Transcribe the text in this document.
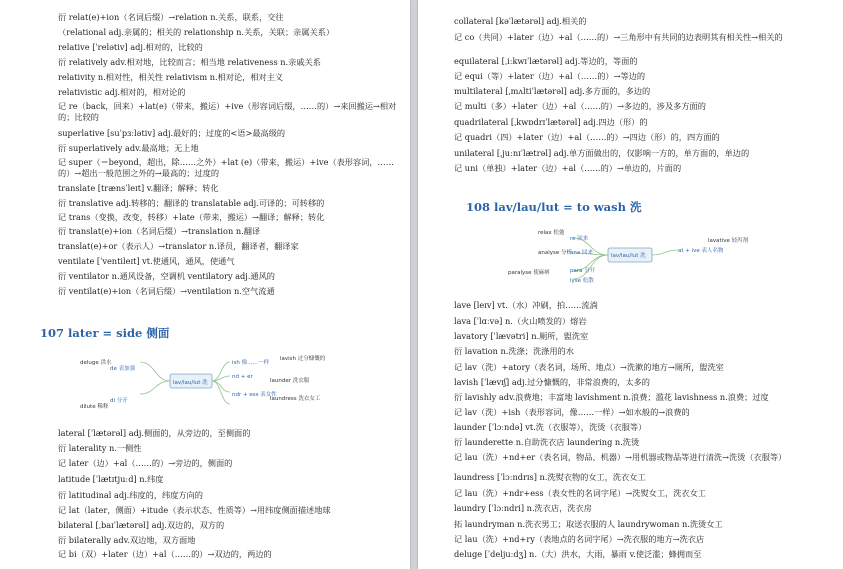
衍 relat(e)+ion（名词后缀）→relation n.关系，联系，交往
（relational adj.亲属的；相关的 relationship n.关系，关联；亲属关系）
relative [ˈrelətiv] adj.相对的，比较的
衍 relatively adv.相对地，比较而言；相当地 relativeness n.亲戚关系
relativity n.相对性，相关性 relativism n.相对论，相对主义
relativistic adj.相对的，相对论的
记 re（back，回来）+lat(e)（带来，搬运）+ive（形容词后缀，……的）→来回搬运→相对的；比较的
superlative [suˈpɜːlətiv] adj.最好的；过度的<语>最高级的
衍 superlatively adv.最高地；无上地
记 super（＝beyond，超出，除……之外）+lat (e)（带来，搬运）+ive（表形容词，……的）→超出一般范围之外的→最高的；过度的
translate [trænsˈleɪt] v.翻译；解释；转化
衍 translative adj.转移的；翻译的 translatable adj.可译的；可转移的
记 trans（变换，改变，转移）+late（带来，搬运）→翻译；解释；转化
衍 translat(e)+ion（名词后缀）→translation n.翻译
translat(e)+or（表示人）→translator n.译员，翻译者，翻译家
ventilate [ˈventileɪt] vt.使通风，通风，使通气
衍 ventilator n.通风设备，空调机 ventilatory adj.通风的
衍 ventilat(e)+ion（名词后缀）→ventilation n.空气流通
107 later = side 侧面
lav/lau/lut 洗
deluge 洪水
de 表加强
dilute 稀释
di 分开
ish 像……一样
lavish 过分慷慨的
nd + er
launder 洗衣服
ndr + ess 表女性
laundress 洗衣女工
lateral [ˈlætərəl] adj.侧面的，从旁边的，至侧面的
衍 laterality n.一侧性
记 later（边）+al（……的）→旁边的，侧面的
latitude [ˈlætɪtjuːd] n.纬度
衍 latitudinal adj.纬度的，纬度方向的
记 lat（later，侧面）+itude（表示状态、性质等）→用纬度侧面描述地球
bilateral [ˌbaɪˈlætərəl] adj.双边的，双方的
衍 bilaterally adv.双边地，双方面地
记 bi（双）+later（边）+al（……的）→双边的，两边的
collateral [kəˈlætərəl] adj.相关的
记 co（共同）+later（边）+al（……的）→三角形中有共同的边表明其有相关性→相关的
equilateral [ˌiːkwɪˈlætərəl] adj.等边的，等面的
记 equi（等）+later（边）+al（……的）→等边的
multilateral [ˌmʌltiˈlætərəl] adj.多方面的，多边的
记 multi（多）+later（边）+al（……的）→多边的，涉及多方面的
quadrilateral [ˌkwɒdrɪˈlætərəl] adj.四边（形）的
记 quadri（四）+later（边）+al（……的）→四边（形）的，四方面的
unilateral [ˌjuːnɪˈlætrəl] adj.单方面做出的，仅影响一方的，单方面的，单边的
记 uni（单独）+later（边）+al（……的）→单边的，片面的
108 lav/lau/lut = to wash 洗
lav/lau/lut 洗
relax 松弛
re 回来
analyse 分析
ana 回来
paralyse 使麻痹	para 分开
lyse 松散
lavative 轻泻剂
at + ive 表人名物
lave [leɪv] vt.（水）冲刷，拍……流淌
lava [ˈlɑːvə] n.（火山喷发的）熔岩
lavatory [ˈlævətri] n.厕所，盥洗室
衍 lavation n.洗涤；洗涤用的水
记 lav（洗）+atory（表名词，场所、地点）→洗漱的地方→厕所，盥洗室
lavish [ˈlævɪʃ] adj.过分慷慨的，非常浪费的，太多的
衍 lavishly adv.浪费地；丰富地 lavishment n.浪费；滥花 lavishness n.浪费；过度
记 lav（洗）+ish（表形容词，像……一样）→如水般的→浪费的
launder [ˈlɔːndə] vt.洗（衣服等），洗烫（衣服等）
衍 launderette n.自助洗衣店 laundering n.洗烫
记 lau（洗）+nd+er（表名词，物品、机器）→用机器或物品等进行清洗→洗烫（衣服等）
laundress [ˈlɔːndrɪs] n.洗熨衣物的女工，洗衣女工
记 lau（洗）+ndr+ess（表女性的名词字尾）→洗熨女工，洗衣女工
laundry [ˈlɔːndri] n.洗衣店，洗衣房
拓 laundryman n.洗衣男工；取送衣服的人 laundrywoman n.洗烫女工
记 lau（洗）+nd+ry（表地点的名词字尾）→洗衣服的地方→洗衣店
deluge [ˈdeljuːdʒ] n.（大）洪水，大雨，暴雨 v.使泛滥；蜂拥而至
